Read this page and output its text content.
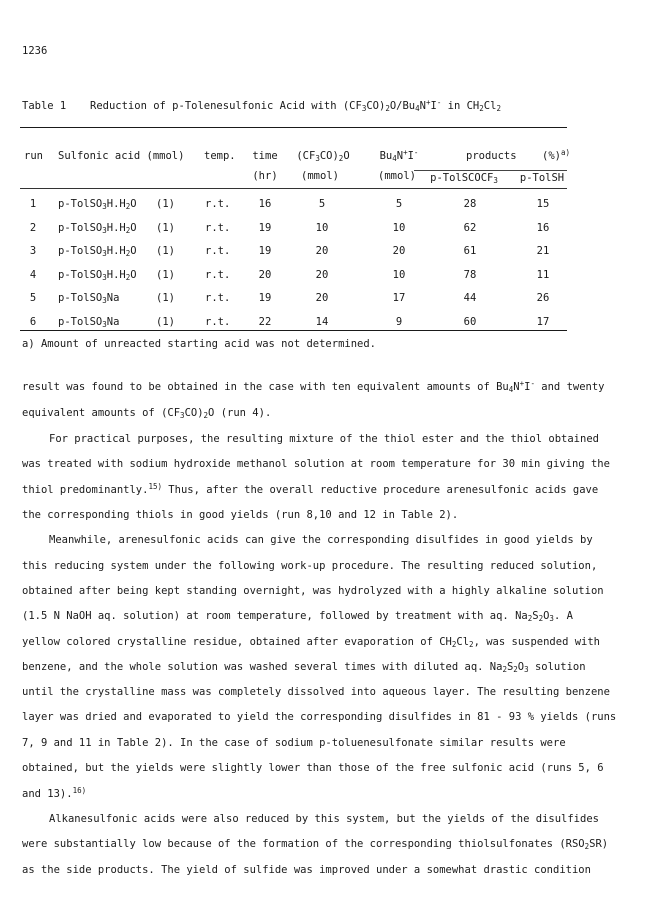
1236
Table 1 Reduction of p-Tolenesulfonic Acid with $(CF_3CO)_2O/Bu_4N^+I^-$ in $CH_2Cl_2$
run Sulfonic acid (mmol) temp. time
(hr)
$(CF_3CO)_2O$
(mmol)
$Bu_4N^+I^-$
(mmol)
products (%)$^{a)}$
p-TolSCOCF$_3$ p-TolSH
1 $p-TolSO_3H.H_2O$ (1)	r.t.	16	5	5	28	15
2 $p-TolSO_3H.H_2O$ (1)	r.t.	19	10	10	62	16
3 $p-TolSO_3H.H_2O$ (1)	r.t.	19	20	20	61	21
4 $p-TolSO_3H.H_2O$ (1)	r.t.	20	20	10	78	11
5 p-TolSO$_3$Na	(1)	r.t.	19	20	17	44	26
6 p-TolSO$_3$Na	(1)	r.t.	22	14	9	60	17
a) Amount of unreacted starting acid was not determined.
result was found to be obtained in the case with ten equivalent amounts of $Bu_4N^+I^-$ and twenty
equivalent amounts of $(CF_3CO)_2O$ (run 4).
For practical purposes, the resulting mixture of the thiol ester and the thiol obtained
was treated with sodium hydroxide methanol solution at room temperature for 30 min giving the
thiol predominantly.$^{15)}$ Thus, after the overall reductive procedure arenesulfonic acids gave
the corresponding thiols in good yields (run 8,10 and 12 in Table 2).
Meanwhile, arenesulfonic acids can give the corresponding disulfides in good yields by
this reducing system under the following work-up procedure. The resulting reduced solution,
obtained after being kept standing overnight, was hydrolyzed with a highly alkaline solution
(1.5 N NaOH aq. solution) at room temperature, followed by treatment with aq. $Na_2S_2O_3$. A
yellow colored crystalline residue, obtained after evaporation of $CH_2Cl_2$, was suspended with
benzene, and the whole solution was washed several times with diluted aq. $Na_2S_2O_3$ solution
until the crystalline mass was completely dissolved into aqueous layer. The resulting benzene
layer was dried and evaporated to yield the corresponding disulfides in 81 - 93 % yields (runs
7, 9 and 11 in Table 2). In the case of sodium p-toluenesulfonate similar results were
obtained, but the yields were slightly lower than those of the free sulfonic acid (runs 5, 6
and 13).$^{16)}$
Alkanesulfonic acids were also reduced by this system, but the yields of the disulfides
were substantially low because of the formation of the corresponding thiolsulfonates $(RSO_2SR)$
as the side products. The yield of sulfide was improved under a somewhat drastic condition
